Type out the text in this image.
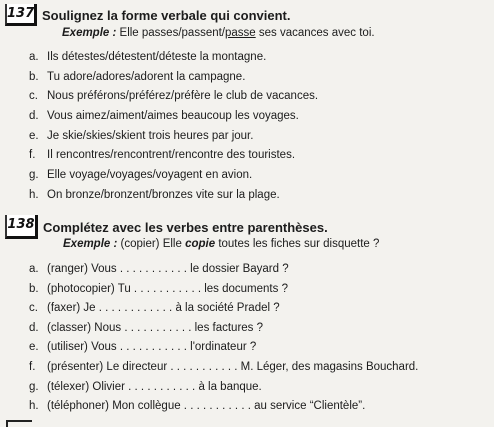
137 Soulignez la forme verbale qui convient.
Exemple : Elle passes/passent/passe ses vacances avec toi.
a. Ils détestes/détestent/déteste la montagne.
b. Tu adore/adores/adorent la campagne.
c. Nous préférons/préférez/préfère le club de vacances.
d. Vous aimez/aiment/aimes beaucoup les voyages.
e. Je skie/skies/skient trois heures par jour.
f. Il rencontres/rencontrent/rencontre des touristes.
g. Elle voyage/voyages/voyagent en avion.
h. On bronze/bronzent/bronzes vite sur la plage.
138 Complétez avec les verbes entre parenthèses.
Exemple : (copier) Elle copie toutes les fiches sur disquette ?
a. (ranger) Vous . . . . . . . . . . . le dossier Bayard ?
b. (photocopier) Tu . . . . . . . . . . . les documents ?
c. (faxer) Je . . . . . . . . . . . . à la société Pradel ?
d. (classer) Nous . . . . . . . . . . . les factures ?
e. (utiliser) Vous . . . . . . . . . . . l'ordinateur ?
f. (présenter) Le directeur . . . . . . . . . . . M. Léger, des magasins Bouchard.
g. (télexer) Olivier . . . . . . . . . . . à la banque.
h. (téléphoner) Mon collègue . . . . . . . . . . . au service “Clientèle”.
